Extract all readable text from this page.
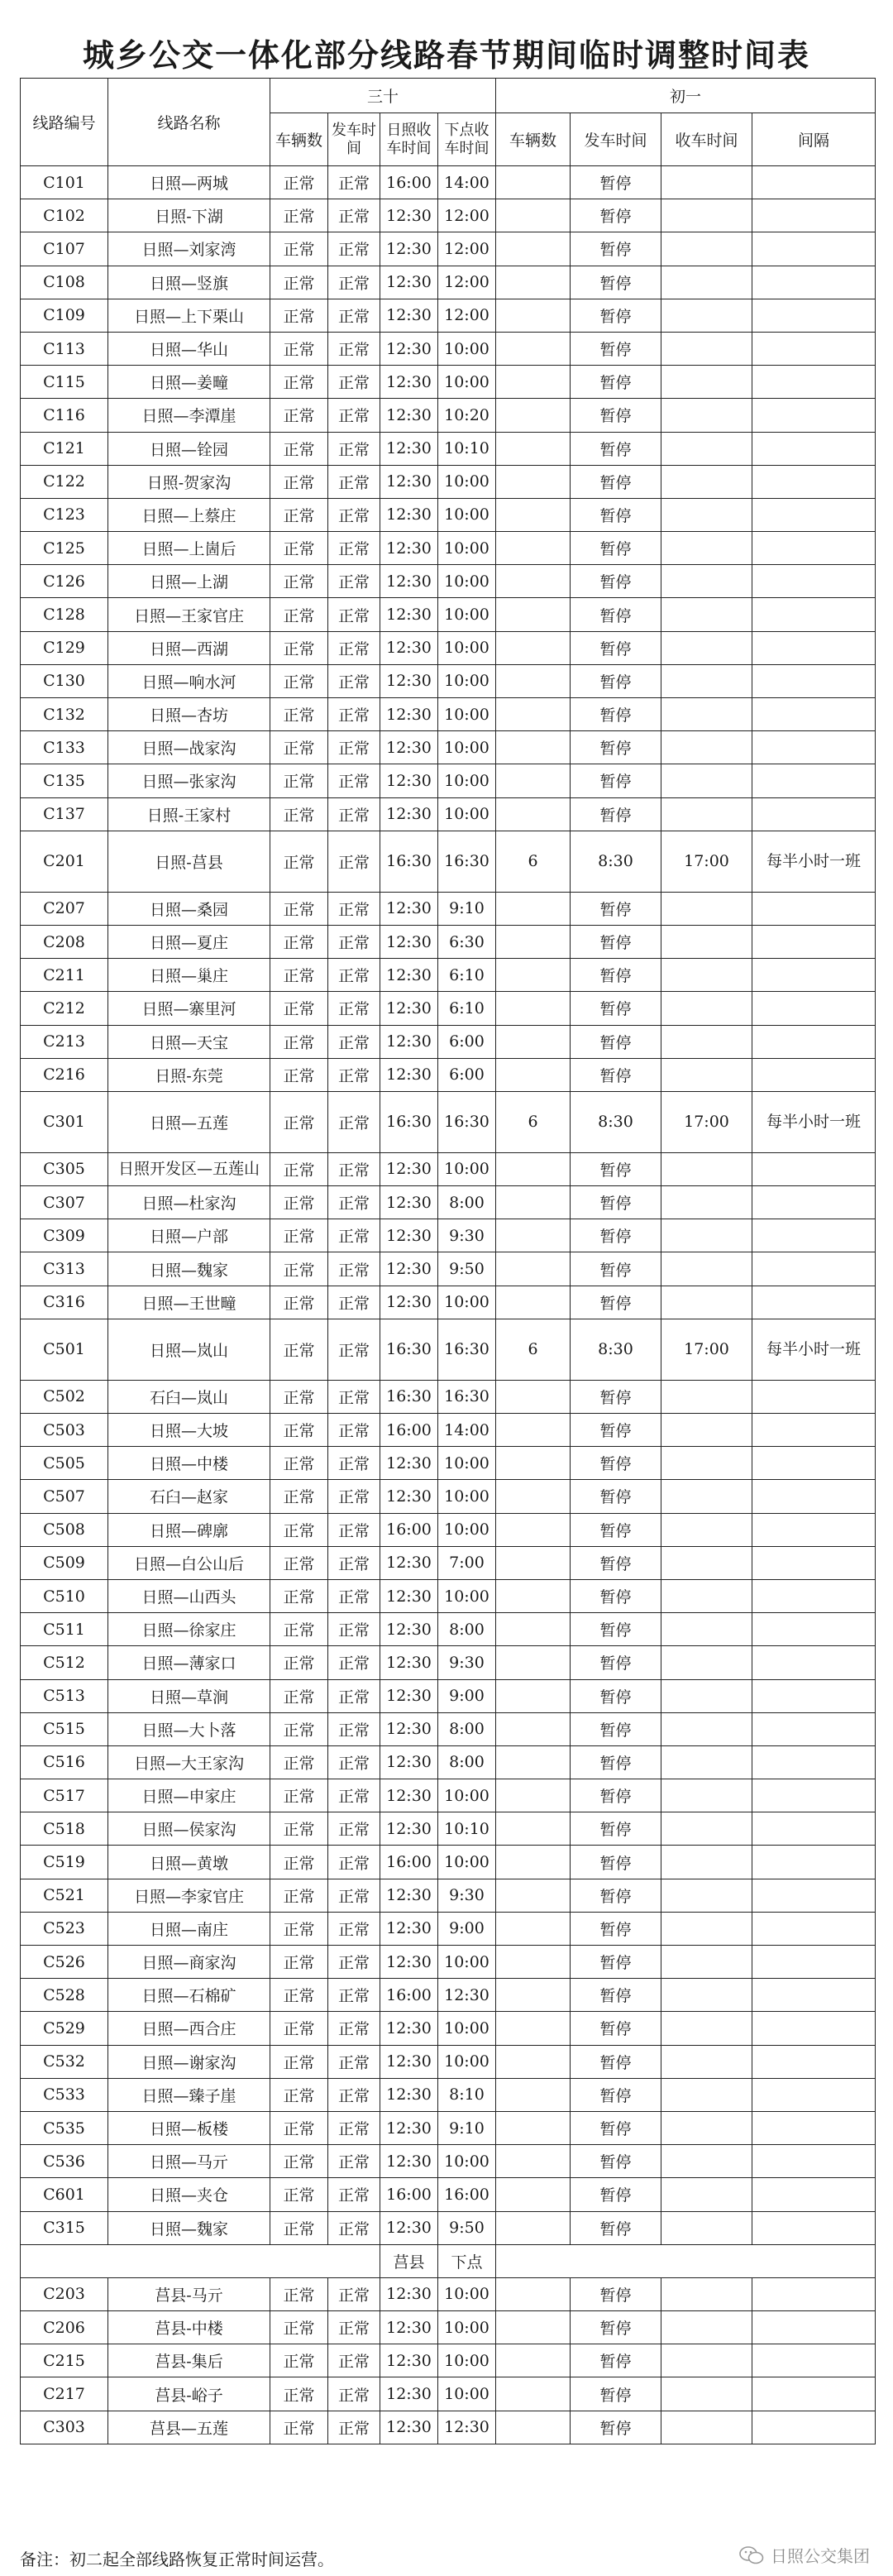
城乡公交一体化部分线路春节期间临时调整时间表
线路编号	线路名称	三十				初一			
		车辆数	发车时间	日照收车时间	下点收车时间	车辆数	发车时间	收车时间	间隔
C101	日照—两城	正常	正常	16:00	14:00		暂停		
C102	日照-下湖	正常	正常	12:30	12:00		暂停		
C107	日照—刘家湾	正常	正常	12:30	12:00		暂停		
C108	日照—竖旗	正常	正常	12:30	12:00		暂停		
C109	日照—上下栗山	正常	正常	12:30	12:00		暂停		
C113	日照—华山	正常	正常	12:30	10:00		暂停		
C115	日照—姜疃	正常	正常	12:30	10:00		暂停		
C116	日照—李潭崖	正常	正常	12:30	10:20		暂停		
C121	日照—铨园	正常	正常	12:30	10:10		暂停		
C122	日照-贺家沟	正常	正常	12:30	10:00		暂停		
C123	日照—上蔡庄	正常	正常	12:30	10:00		暂停		
C125	日照—上崮后	正常	正常	12:30	10:00		暂停		
C126	日照—上湖	正常	正常	12:30	10:00		暂停		
C128	日照—王家官庄	正常	正常	12:30	10:00		暂停		
C129	日照—西湖	正常	正常	12:30	10:00		暂停		
C130	日照—响水河	正常	正常	12:30	10:00		暂停		
C132	日照—杏坊	正常	正常	12:30	10:00		暂停		
C133	日照—战家沟	正常	正常	12:30	10:00		暂停		
C135	日照—张家沟	正常	正常	12:30	10:00		暂停		
C137	日照-王家村	正常	正常	12:30	10:00		暂停		
C201	日照-莒县	正常	正常	16:30	16:30	6	8:30	17:00	每半小时一班
C207	日照—桑园	正常	正常	12:30	9:10		暂停		
C208	日照—夏庄	正常	正常	12:30	6:30		暂停		
C211	日照—巢庄	正常	正常	12:30	6:10		暂停		
C212	日照—寨里河	正常	正常	12:30	6:10		暂停		
C213	日照—天宝	正常	正常	12:30	6:00		暂停		
C216	日照-东莞	正常	正常	12:30	6:00		暂停		
C301	日照—五莲	正常	正常	16:30	16:30	6	8:30	17:00	每半小时一班
C305	日照开发区—五莲山	正常	正常	12:30	10:00		暂停		
C307	日照—杜家沟	正常	正常	12:30	8:00		暂停		
C309	日照—户部	正常	正常	12:30	9:30		暂停		
C313	日照—魏家	正常	正常	12:30	9:50		暂停		
C316	日照—王世疃	正常	正常	12:30	10:00		暂停		
C501	日照—岚山	正常	正常	16:30	16:30	6	8:30	17:00	每半小时一班
C502	石臼—岚山	正常	正常	16:30	16:30		暂停		
C503	日照—大坡	正常	正常	16:00	14:00		暂停		
C505	日照—中楼	正常	正常	12:30	10:00		暂停		
C507	石臼—赵家	正常	正常	12:30	10:00		暂停		
C508	日照—碑廓	正常	正常	16:00	10:00		暂停		
C509	日照—白公山后	正常	正常	12:30	7:00		暂停		
C510	日照—山西头	正常	正常	12:30	10:00		暂停		
C511	日照—徐家庄	正常	正常	12:30	8:00		暂停		
C512	日照—薄家口	正常	正常	12:30	9:30		暂停		
C513	日照—草涧	正常	正常	12:30	9:00		暂停		
C515	日照—大卜落	正常	正常	12:30	8:00		暂停		
C516	日照—大王家沟	正常	正常	12:30	8:00		暂停		
C517	日照—申家庄	正常	正常	12:30	10:00		暂停		
C518	日照—侯家沟	正常	正常	12:30	10:10		暂停		
C519	日照—黄墩	正常	正常	16:00	10:00		暂停		
C521	日照—李家官庄	正常	正常	12:30	9:30		暂停		
C523	日照—南庄	正常	正常	12:30	9:00		暂停		
C526	日照—商家沟	正常	正常	12:30	10:00		暂停		
C528	日照—石棉矿	正常	正常	16:00	12:30		暂停		
C529	日照—西合庄	正常	正常	12:30	10:00		暂停		
C532	日照—谢家沟	正常	正常	12:30	10:00		暂停		
C533	日照—臻子崖	正常	正常	12:30	8:10		暂停		
C535	日照—板楼	正常	正常	12:30	9:10		暂停		
C536	日照—马亓	正常	正常	12:30	10:00		暂停		
C601	日照—夹仓	正常	正常	16:00	16:00		暂停		
C315	日照—魏家	正常	正常	12:30	9:50		暂停		
				莒县	下点				
C203	莒县-马亓	正常	正常	12:30	10:00		暂停		
C206	莒县-中楼	正常	正常	12:30	10:00		暂停		
C215	莒县-集后	正常	正常	12:30	10:00		暂停		
C217	莒县-峪子	正常	正常	12:30	10:00		暂停		
C303	莒县—五莲	正常	正常	12:30	12:30		暂停		

备注：初二起全部线路恢复正常时间运营。	日照公交集团
